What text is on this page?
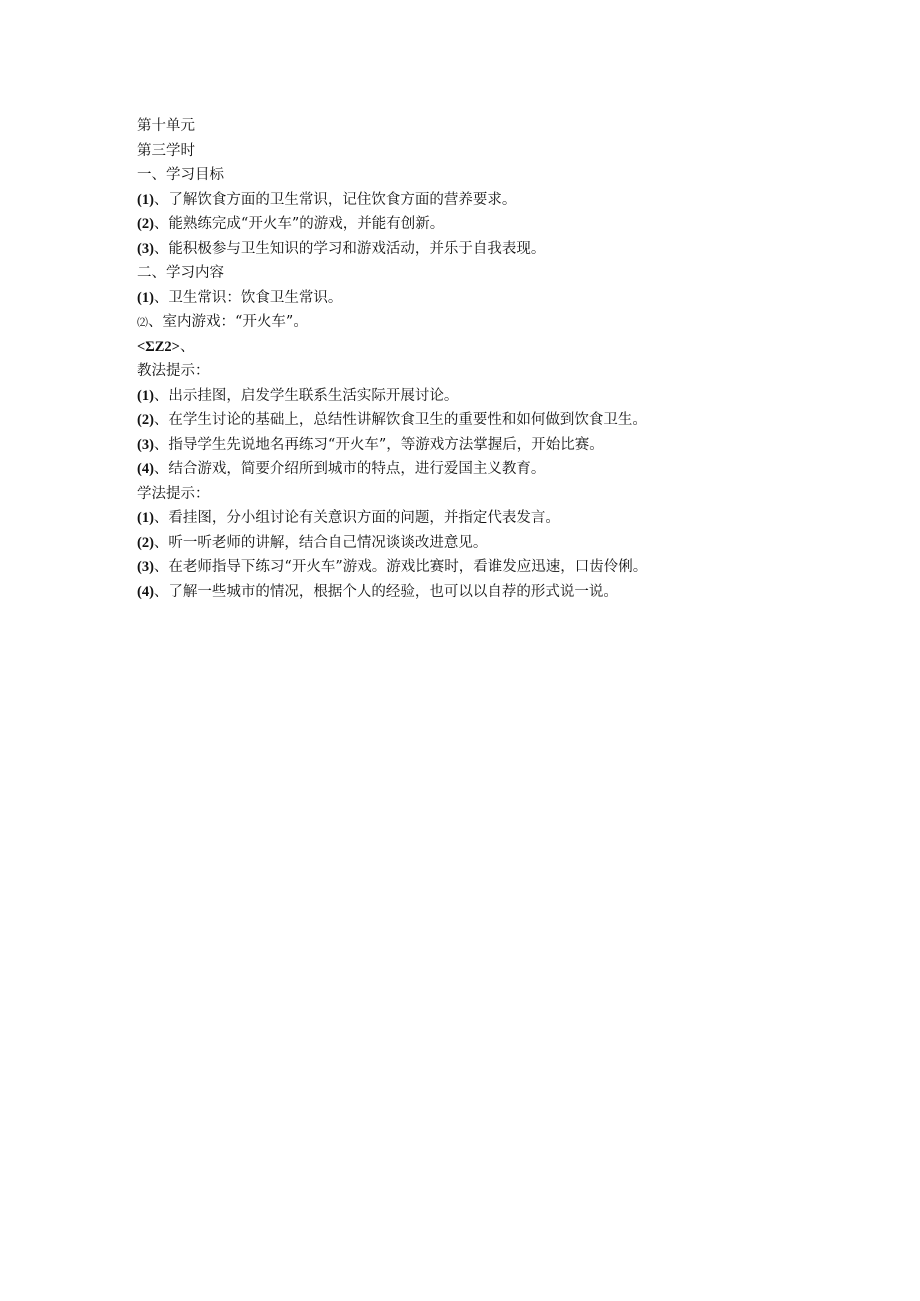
第十单元
第三学时
一、学习目标
(1)、了解饮食方面的卫生常识，记住饮食方面的营养要求。
(2)、能熟练完成“开火车”的游戏，并能有创新。
(3)、能积极参与卫生知识的学习和游戏活动，并乐于自我表现。
二、学习内容
(1)、卫生常识：饮食卫生常识。
⑵、室内游戏：“开火车”。
<ΣZ2>、
教法提示：
(1)、出示挂图，启发学生联系生活实际开展讨论。
(2)、在学生讨论的基础上，总结性讲解饮食卫生的重要性和如何做到饮食卫生。
(3)、指导学生先说地名再练习“开火车”，等游戏方法掌握后，开始比赛。
(4)、结合游戏，简要介绍所到城市的特点，进行爱国主义教育。
学法提示：
(1)、看挂图，分小组讨论有关意识方面的问题，并指定代表发言。
(2)、听一听老师的讲解，结合自己情况谈谈改进意见。
(3)、在老师指导下练习“开火车”游戏。游戏比赛时，看谁发应迅速，口齿伶俐。
(4)、了解一些城市的情况，根据个人的经验，也可以以自荐的形式说一说。
